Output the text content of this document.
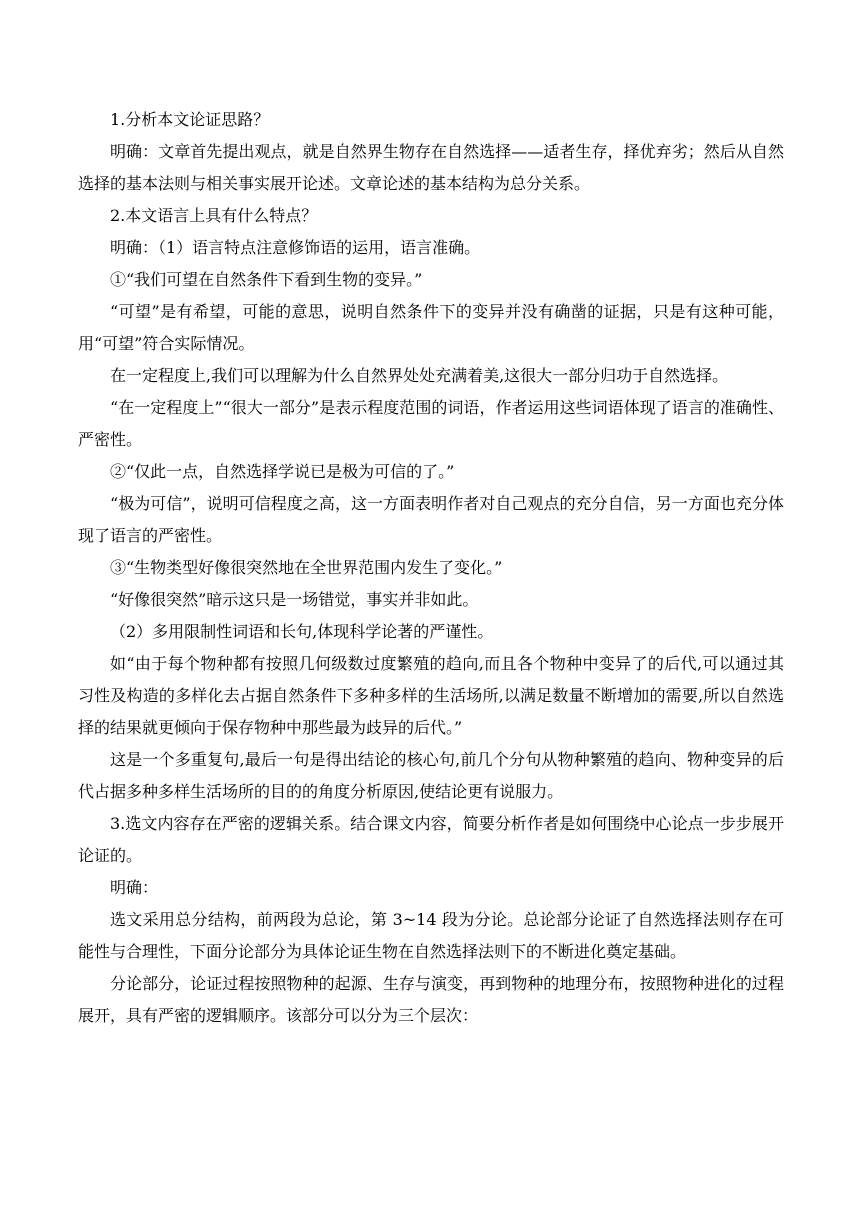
1.分析本文论证思路？

明确：文章首先提出观点，就是自然界生物存在自然选择——适者生存，择优弃劣；然后从自然选择的基本法则与相关事实展开论述。文章论述的基本结构为总分关系。

2.本文语言上具有什么特点？

明确：（1）语言特点注意修饰语的运用，语言准确。

①“我们可望在自然条件下看到生物的变异。”

“可望”是有希望，可能的意思，说明自然条件下的变异并没有确凿的证据，只是有这种可能，用“可望”符合实际情况。

在一定程度上,我们可以理解为什么自然界处处充满着美,这很大一部分归功于自然选择。

“在一定程度上”“很大一部分”是表示程度范围的词语，作者运用这些词语体现了语言的准确性、严密性。

②“仅此一点，自然选择学说已是极为可信的了。”

“极为可信”，说明可信程度之高，这一方面表明作者对自己观点的充分自信，另一方面也充分体现了语言的严密性。

③“生物类型好像很突然地在全世界范围内发生了变化。”

“好像很突然”暗示这只是一场错觉，事实并非如此。

（2）多用限制性词语和长句,体现科学论著的严谨性。

如“由于每个物种都有按照几何级数过度繁殖的趋向,而且各个物种中变异了的后代,可以通过其习性及构造的多样化去占据自然条件下多种多样的生活场所,以满足数量不断增加的需要,所以自然选择的结果就更倾向于保存物种中那些最为歧异的后代。”

这是一个多重复句,最后一句是得出结论的核心句,前几个分句从物种繁殖的趋向、物种变异的后代占据多种多样生活场所的目的的角度分析原因,使结论更有说服力。

3.选文内容存在严密的逻辑关系。结合课文内容，简要分析作者是如何围绕中心论点一步步展开论证的。

明确：

选文采用总分结构，前两段为总论，第 3~14 段为分论。总论部分论证了自然选择法则存在可能性与合理性，下面分论部分为具体论证生物在自然选择法则下的不断进化奠定基础。

分论部分，论证过程按照物种的起源、生存与演变，再到物种的地理分布，按照物种进化的过程展开，具有严密的逻辑顺序。该部分可以分为三个层次：
